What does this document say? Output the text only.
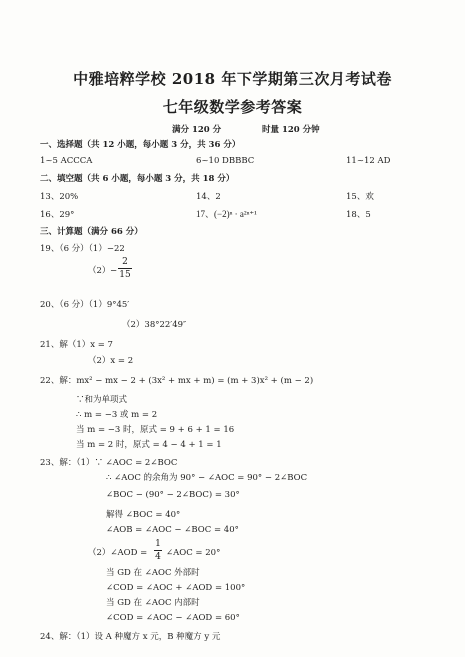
中雅培粹学校 2018 年下学期第三次月考试卷
七年级数学参考答案
满分 120 分	时量 120 分钟
一、选择题（共 12 小题，每小题 3 分，共 36 分）
1~5 ACCCA	6~10 DBBBC	11~12 AD
二、填空题（共 6 小题，每小题 3 分，共 18 分）
13、20%	14、2	15、欢
16、29°	17、(−2)ⁿ · a²ⁿ⁺¹	18、5
三、计算题（满分 66 分）
19、（6 分）（1）−22
（2） −
2
15
20、（6 分）（1）9°45′
（2）38°22′49″
21、解（1）x = 7
（2）x = 2
22、解：mx² − mx − 2 + (3x² + mx + m) = (m + 3)x² + (m − 2)
∵和为单项式
∴ m = −3 或 m = 2
当 m = −3 时，原式 = 9 + 6 + 1 = 16
当 m = 2 时，原式 = 4 − 4 + 1 = 1
23、解：（1）∵ ∠AOC = 2∠BOC
∴ ∠AOC 的余角为 90° − ∠AOC = 90° − 2∠BOC
∠BOC − (90° − 2∠BOC) = 30°
解得 ∠BOC = 40°
∠AOB = ∠AOC − ∠BOC = 40°
（2）∠AOD =
1
4 ∠AOC = 20°
当 GD 在 ∠AOC 外部时
∠COD = ∠AOC + ∠AOD = 100°
当 GD 在 ∠AOC 内部时
∠COD = ∠AOC − ∠AOD = 60°
24、解：（1）设 A 种魔方 x 元，B 种魔方 y 元
